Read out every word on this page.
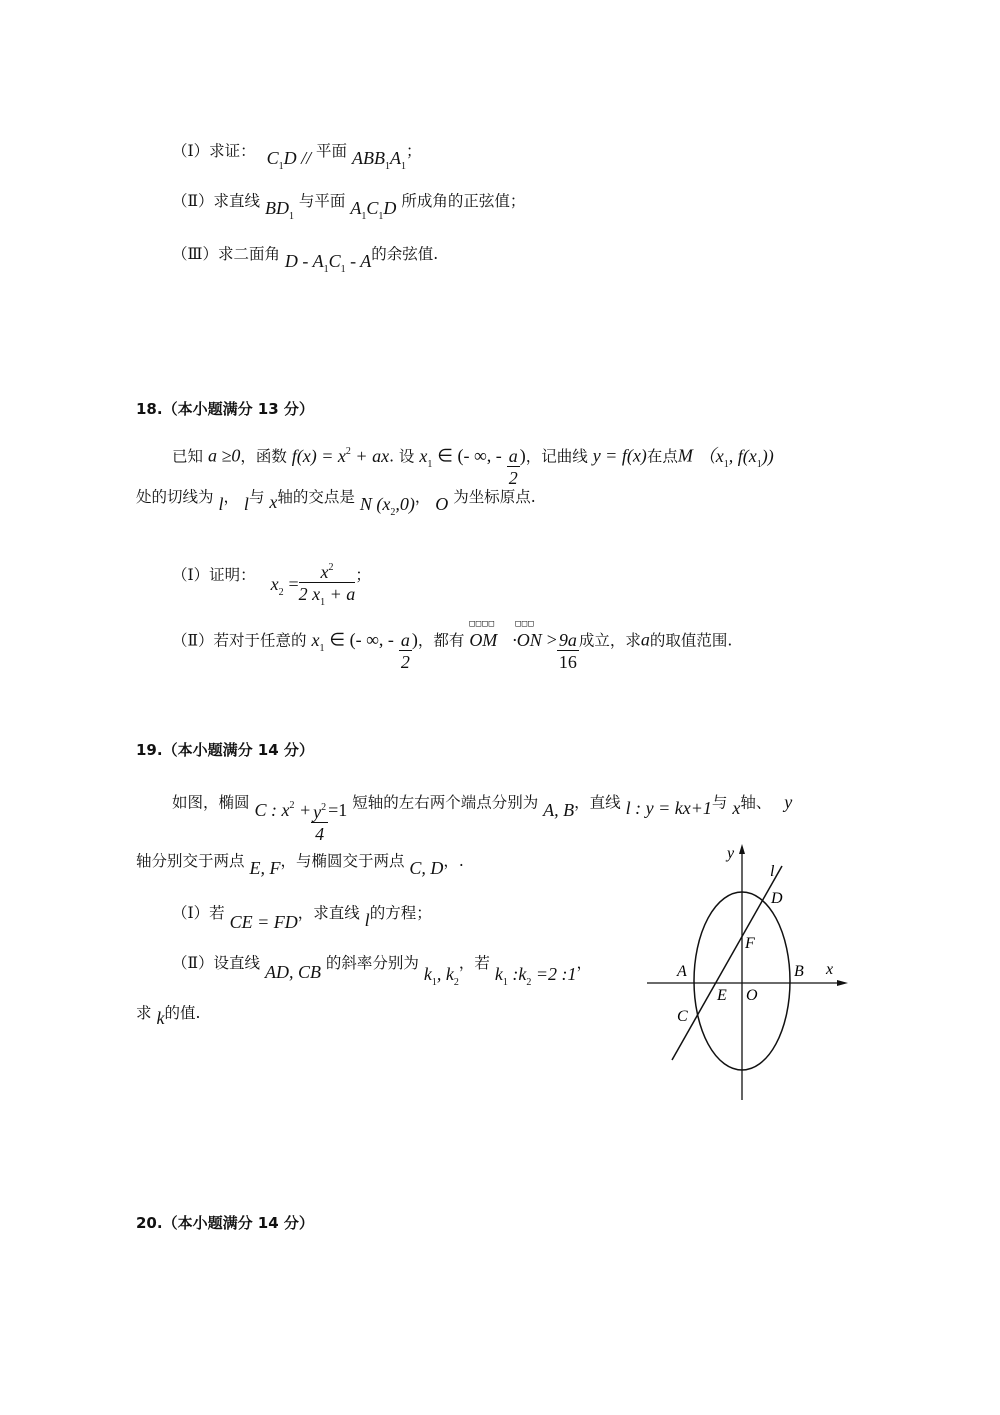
（Ⅰ）求证： $C_1D$ // 平面 $ABB_1A_1$；
（Ⅱ）求直线 $BD_1$ 与平面 $A_1C_1D$ 所成角的正弦值；
（Ⅲ）求二面角 D - $A_1C_1$ - A的余弦值.
18.（本小题满分 13 分）
已知 a ≥0，函数 $f(x) = x^2$ + ax. 设 $x_1$ ∈ (- ∞, - $\frac{a}{2}$ )，记曲线 y = f(x)在点M （$x_1$, $f(x_1)$)
处的切线为 l， l与 x轴的交点是 N $(x_2,0)$， O 为坐标原点.
（Ⅰ）证明： $x_2 = \frac{x^2}{2 x_1 + a}$ ；
（Ⅱ）若对于任意的 $x_1$ ∈ (- ∞, - $\frac{a}{2}$ )，都有
□□□□ □□□
OM $\cdot ON > \frac{9a}{16}$ 成立，求a的取值范围.
19.（本小题满分 14 分）
如图，椭圆 C : $x^2 + \frac{y^2}{4} =1$ 短轴的左右两个端点分别为 A, B，直线 l : y = kx+1与 x轴、 y
轴分别交于两点 E, F，与椭圆交于两点 C, D，.
（Ⅰ）若 CE = FD，求直线 l的方程；
（Ⅱ）设直线 AD, CB 的斜率分别为 $k_1$, $k_2$，若 $k_1$ $:k_2 =2$ :1，
求 k的值.
y
l
D
F
A	B x
E O
C
20.（本小题满分 14 分）
